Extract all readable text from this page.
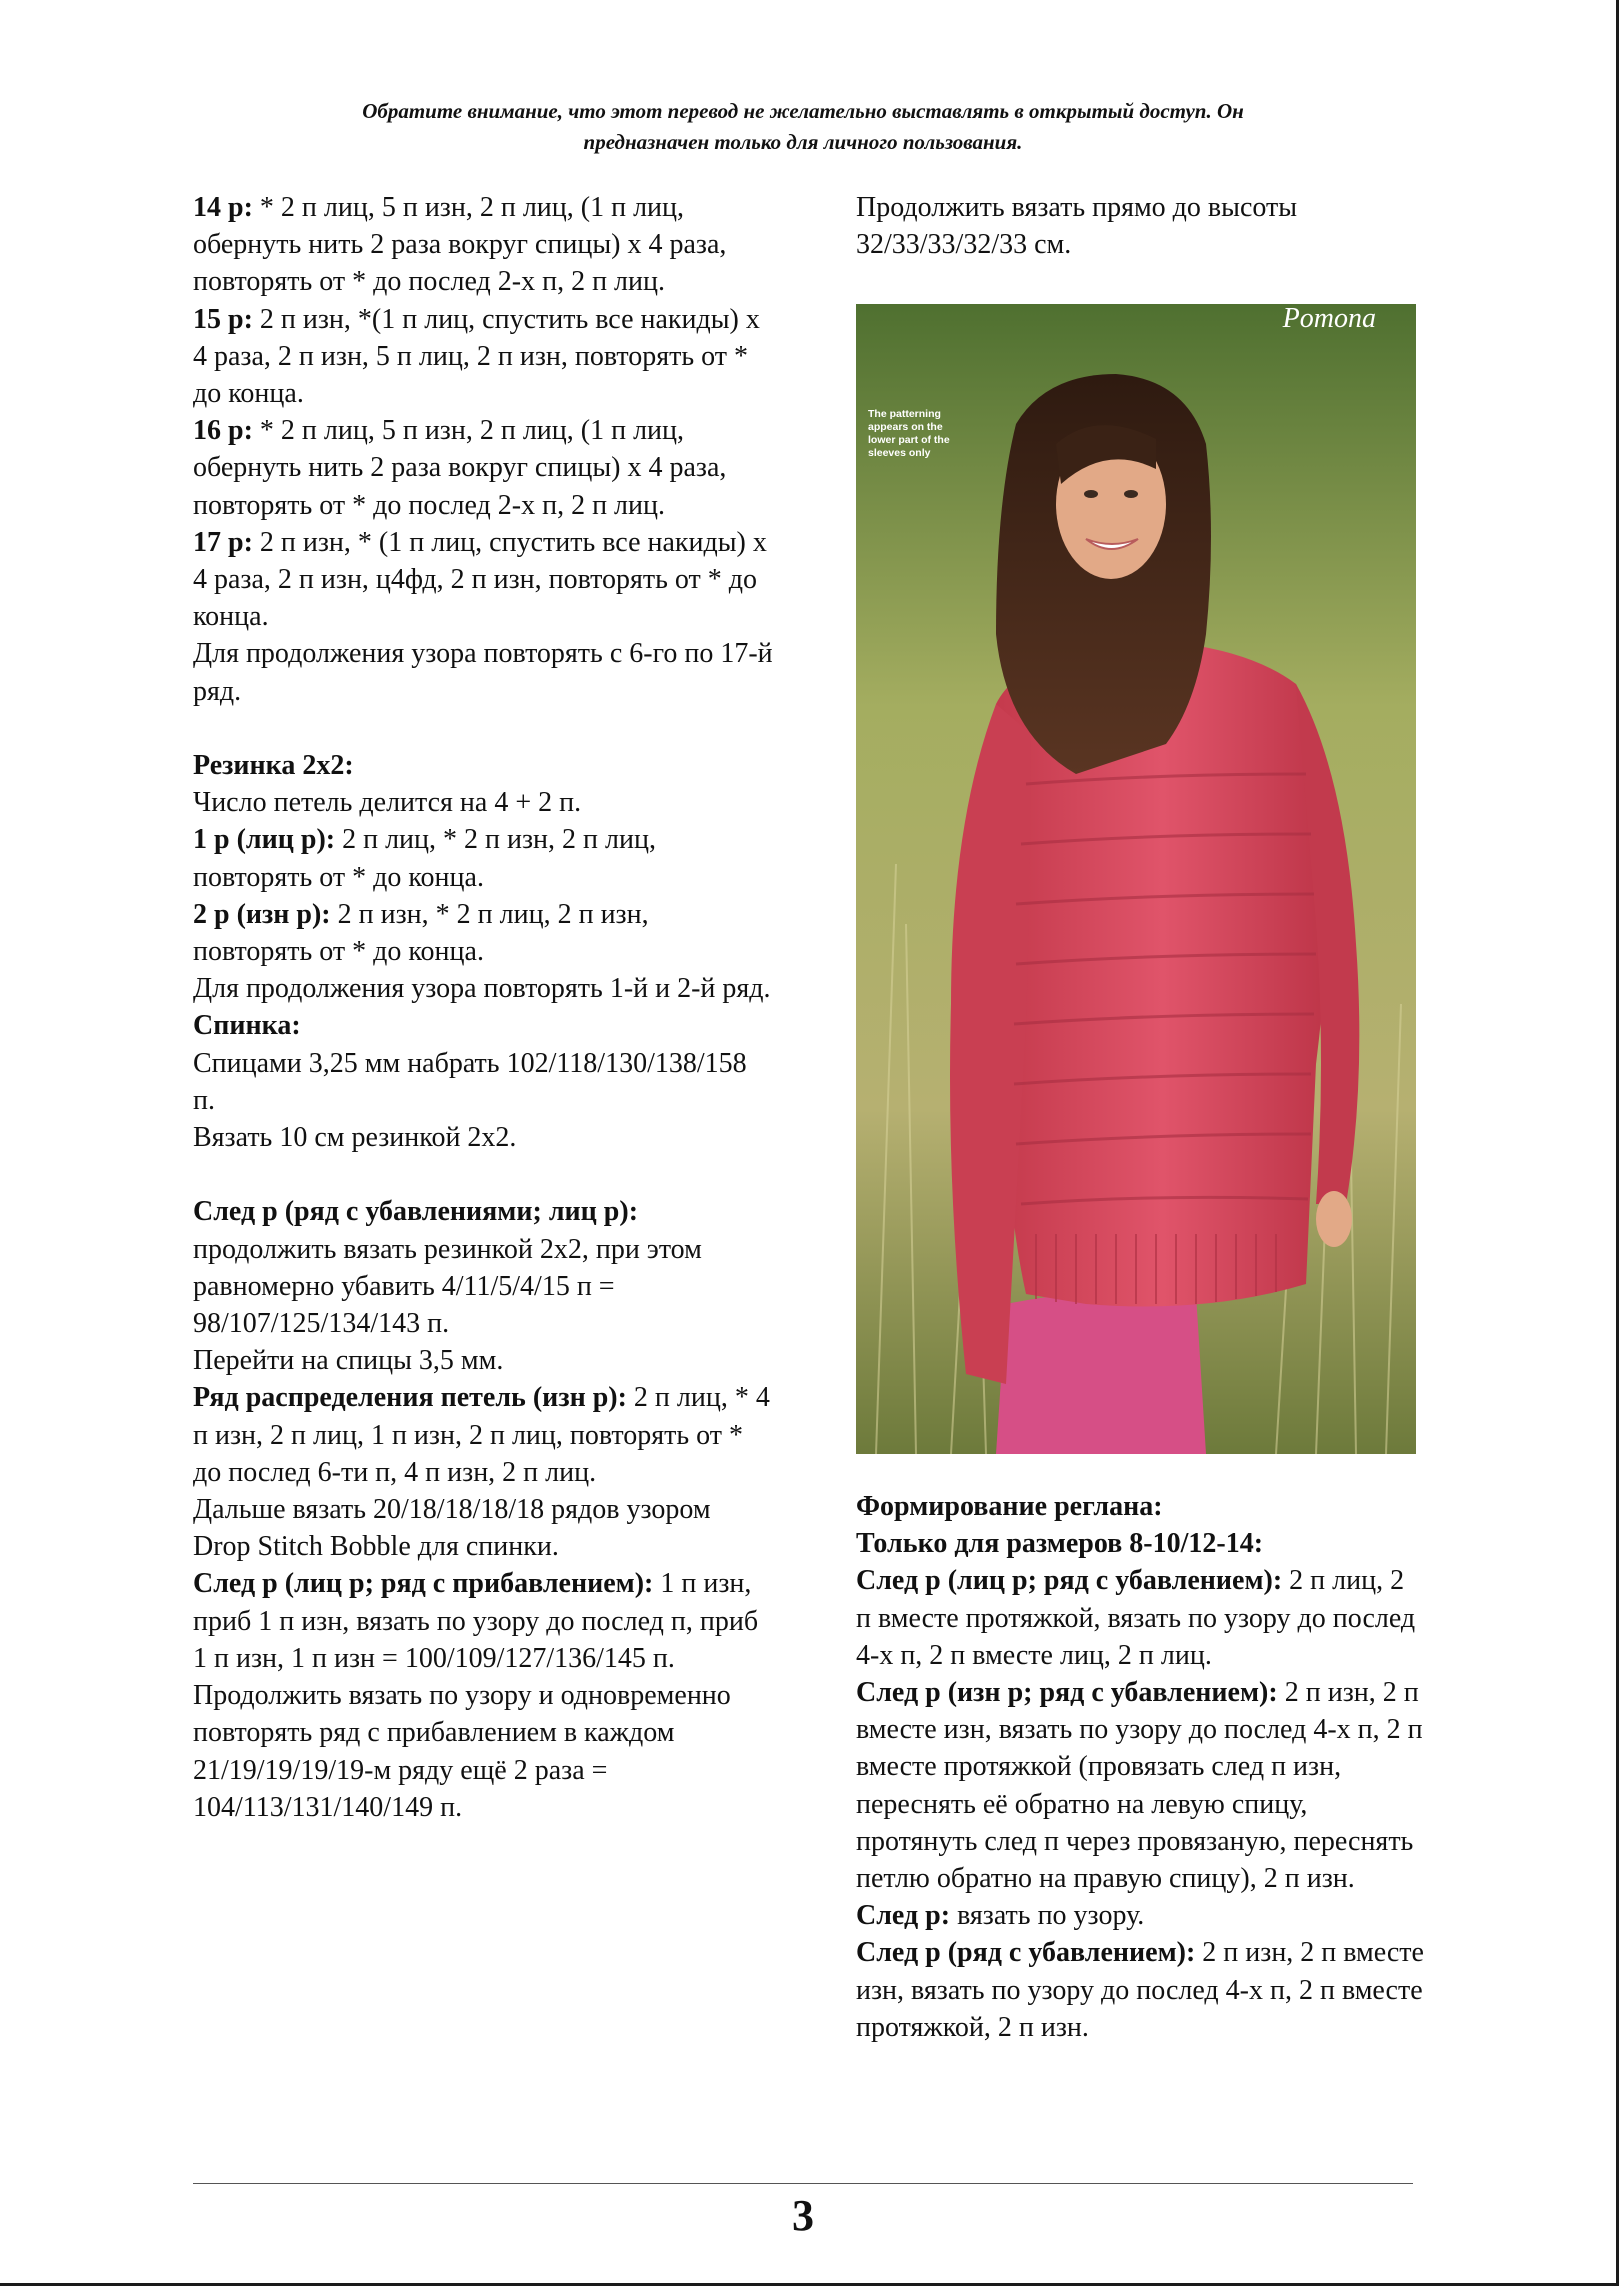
Обратите внимание, что этот перевод не желательно выставлять в открытый доступ. Он
предназначен только для личного пользования.

14 р: * 2 п лиц, 5 п изн, 2 п лиц, (1 п лиц, обернуть нить 2 раза вокруг спицы) х 4 раза, повторять от * до послед 2-х п, 2 п лиц.

15 р: 2 п изн, *(1 п лиц, спустить все накиды) х 4 раза, 2 п изн, 5 п лиц, 2 п изн, повторять от * до конца.

16 р: * 2 п лиц, 5 п изн, 2 п лиц, (1 п лиц, обернуть нить 2 раза вокруг спицы) х 4 раза, повторять от * до послед 2-х п, 2 п лиц.

17 р: 2 п изн, * (1 п лиц, спустить все накиды) х 4 раза, 2 п изн, ц4фд, 2 п изн, повторять от * до конца.

Для продолжения узора повторять с 6-го по 17-й ряд.

Резинка 2х2:

Число петель делится на 4 + 2 п.

1 р (лиц р): 2 п лиц, * 2 п изн, 2 п лиц, повторять от * до конца.

2 р (изн р): 2 п изн, * 2 п лиц, 2 п изн, повторять от * до конца.

Для продолжения узора повторять 1-й и 2-й ряд.

Спинка:

Спицами 3,25 мм набрать 102/118/130/138/158 п.

Вязать 10 см резинкой 2х2.

След р (ряд с убавлениями; лиц р): продолжить вязать резинкой 2х2, при этом равномерно убавить 4/11/5/4/15 п = 98/107/125/134/143 п.

Перейти на спицы 3,5 мм.

Ряд распределения петель (изн р): 2 п лиц, * 4 п изн, 2 п лиц, 1 п изн, 2 п лиц, повторять от * до послед 6-ти п, 4 п изн, 2 п лиц.

Дальше вязать 20/18/18/18/18 рядов узором Drop Stitch Bobble для спинки.

След р (лиц р; ряд с прибавлением): 1 п изн, приб 1 п изн, вязать по узору до послед п, приб 1 п изн, 1 п изн = 100/109/127/136/145 п.

Продолжить вязать по узору и одновременно повторять ряд с прибавлением в каждом 21/19/19/19/19-м ряду ещё 2 раза = 104/113/131/140/149 п.

Продолжить вязать прямо до высоты 32/33/33/32/33 см.

Pomona
The patterning appears on the lower part of the sleeves only

Формирование реглана:

Только для размеров 8-10/12-14:

След р (лиц р; ряд с убавлением): 2 п лиц, 2 п вместе протяжкой, вязать по узору до послед 4-х п, 2 п вместе лиц, 2 п лиц.

След р (изн р; ряд с убавлением): 2 п изн, 2 п вместе изн, вязать по узору до послед 4-х п, 2 п вместе протяжкой (провязать след п изн, переснять её обратно на левую спицу, протянуть след п через провязаную, переснять петлю обратно на правую спицу), 2 п изн.

След р: вязать по узору.

След р (ряд с убавлением): 2 п изн, 2 п вместе изн, вязать по узору до послед 4-х п, 2 п вместе протяжкой, 2 п изн.

3
